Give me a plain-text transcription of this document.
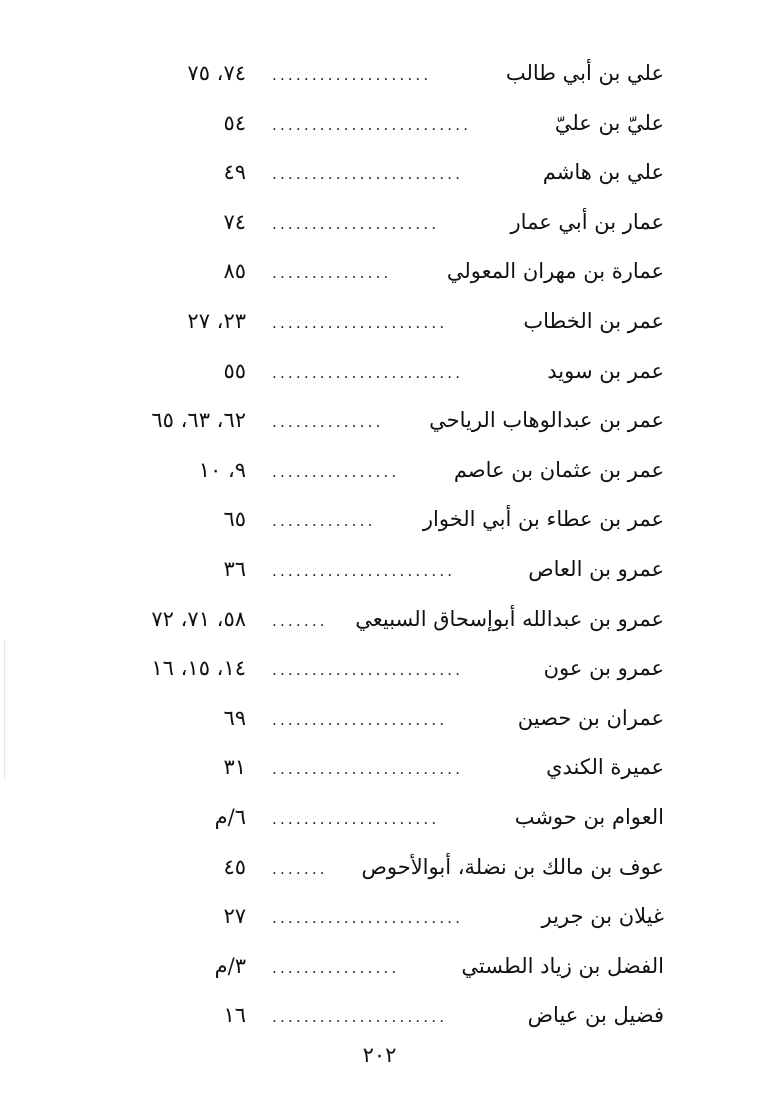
علي بن أبي طالب
....................
٧٤، ٧٥
عليّ بن عليّ
.........................
٥٤
علي بن هاشم
........................
٤٩
عمار بن أبي عمار
.....................
٧٤
عمارة بن مهران المعولي
...............
٨٥
عمر بن الخطاب
......................
٢٣، ٢٧
عمر بن سويد
........................
٥٥
عمر بن عبدالوهاب الرياحي
..............
٦٢، ٦٣، ٦٥
عمر بن عثمان بن عاصم
................
٩، ١٠
عمر بن عطاء بن أبي الخوار
.............
٦٥
عمرو بن العاص
.......................
٣٦
عمرو بن عبدالله أبوإسحاق السبيعي
.......
٥٨، ٧١، ٧٢
عمرو بن عون
........................
١٤، ١٥، ١٦
عمران بن حصين
......................
٦٩
عميرة الكندي
........................
٣١
العوام بن حوشب
.....................
٦/م
عوف بن مالك بن نضلة، أبوالأحوص
.......
٤٥
غيلان بن جرير
........................
٢٧
الفضل بن زياد الطستي
................
٣/م
فضيل بن عياض
......................
١٦
٢٠٢
